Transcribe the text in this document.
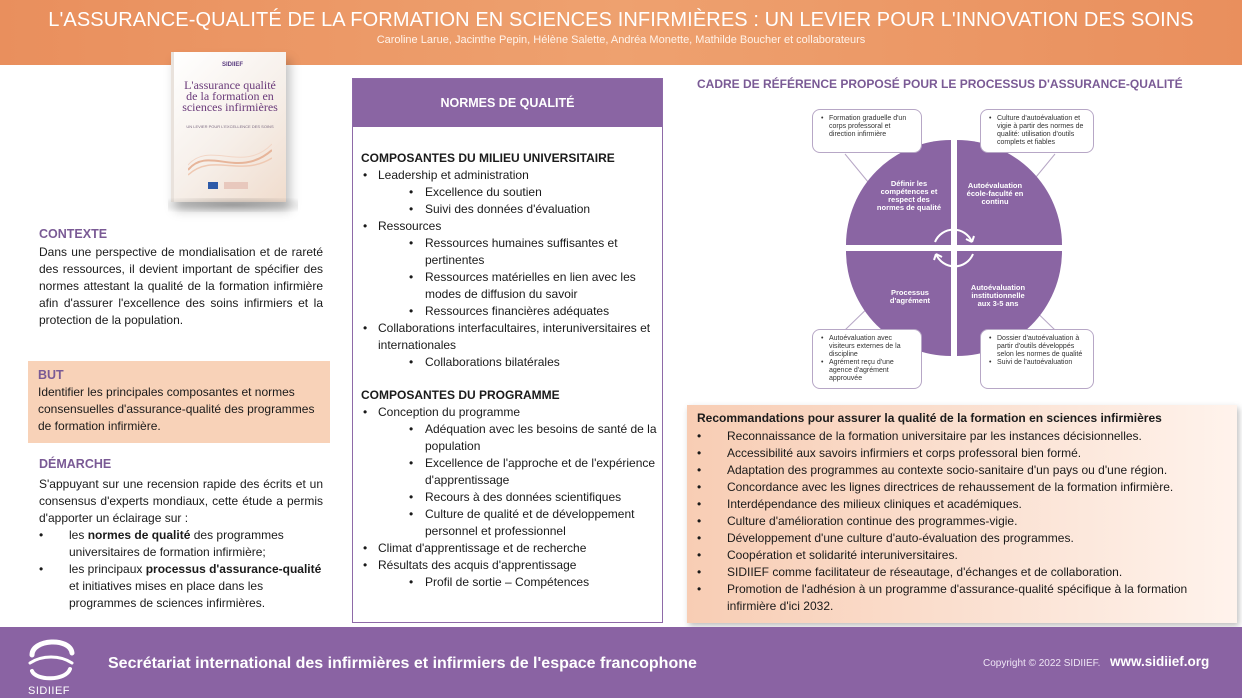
L'ASSURANCE-QUALITÉ DE LA FORMATION EN SCIENCES INFIRMIÈRES : UN LEVIER POUR L'INNOVATION DES SOINS
Caroline Larue, Jacinthe Pepin, Hélène Salette, Andréa Monette, Mathilde Boucher et collaborateurs
SIDIIEF
L'assurance qualité de la formation en sciences infirmières
UN LEVIER POUR L'EXCELLENCE DES SOINS
CONTEXTE
Dans une perspective de mondialisation et de rareté des ressources, il devient important de spécifier des normes attestant la qualité de la formation infirmière afin d'assurer l'excellence des soins infirmiers et la protection de la population.
BUT
Identifier les principales composantes et normes consensuelles d'assurance-qualité des programmes de formation infirmière.
DÉMARCHE
S'appuyant sur une recension rapide des écrits et un consensus d'experts mondiaux, cette étude a permis d'apporter un éclairage sur :
• les normes de qualité des programmes universitaires de formation infirmière;
• les principaux processus d'assurance-qualité et initiatives mises en place dans les programmes de sciences infirmières.
NORMES DE QUALITÉ
COMPOSANTES DU MILIEU UNIVERSITAIRE
• Leadership et administration
• Excellence du soutien
• Suivi des données d'évaluation
• Ressources
• Ressources humaines suffisantes et pertinentes
• Ressources matérielles en lien avec les modes de diffusion du savoir
• Ressources financières adéquates
• Collaborations interfacultaires, interuniversitaires et internationales
• Collaborations bilatérales
COMPOSANTES DU PROGRAMME
• Conception du programme
• Adéquation avec les besoins de santé de la population
• Excellence de l'approche et de l'expérience d'apprentissage
• Recours à des données scientifiques
• Culture de qualité et de développement personnel et professionnel
• Climat d'apprentissage et de recherche
• Résultats des acquis d'apprentissage
• Profil de sortie – Compétences
CADRE DE RÉFÉRENCE PROPOSÉ POUR LE PROCESSUS D'ASSURANCE-QUALITÉ
Définir les compétences et respect des normes de qualité
Autoévaluation école-faculté en continu
Processus d'agrément
Autoévaluation institutionnelle aux 3-5 ans
• Formation graduelle d'un corps professoral et direction infirmière
• Culture d'autoévaluation et vigie à partir des normes de qualité: utilisation d'outils complets et fiables
• Autoévaluation avec visiteurs externes de la discipline
• Agrément reçu d'une agence d'agrément approuvée
• Dossier d'autoévaluation à partir d'outils développés selon les normes de qualité
• Suivi de l'autoévaluation
Recommandations pour assurer la qualité de la formation en sciences infirmières
• Reconnaissance de la formation universitaire par les instances décisionnelles.
• Accessibilité aux savoirs infirmiers et corps professoral bien formé.
• Adaptation des programmes au contexte socio-sanitaire d'un pays ou d'une région.
• Concordance avec les lignes directrices de rehaussement de la formation infirmière.
• Interdépendance des milieux cliniques et académiques.
• Culture d'amélioration continue des programmes-vigie.
• Développement d'une culture d'auto-évaluation des programmes.
• Coopération et solidarité interuniversitaires.
• SIDIIEF comme facilitateur de réseautage, d'échanges et de collaboration.
• Promotion de l'adhésion à un programme d'assurance-qualité spécifique à la formation infirmière d'ici 2032.
SIDIIEF
Secrétariat international des infirmières et infirmiers de l'espace francophone	Copyright © 2022 SIDIIEF. www.sidiief.org
